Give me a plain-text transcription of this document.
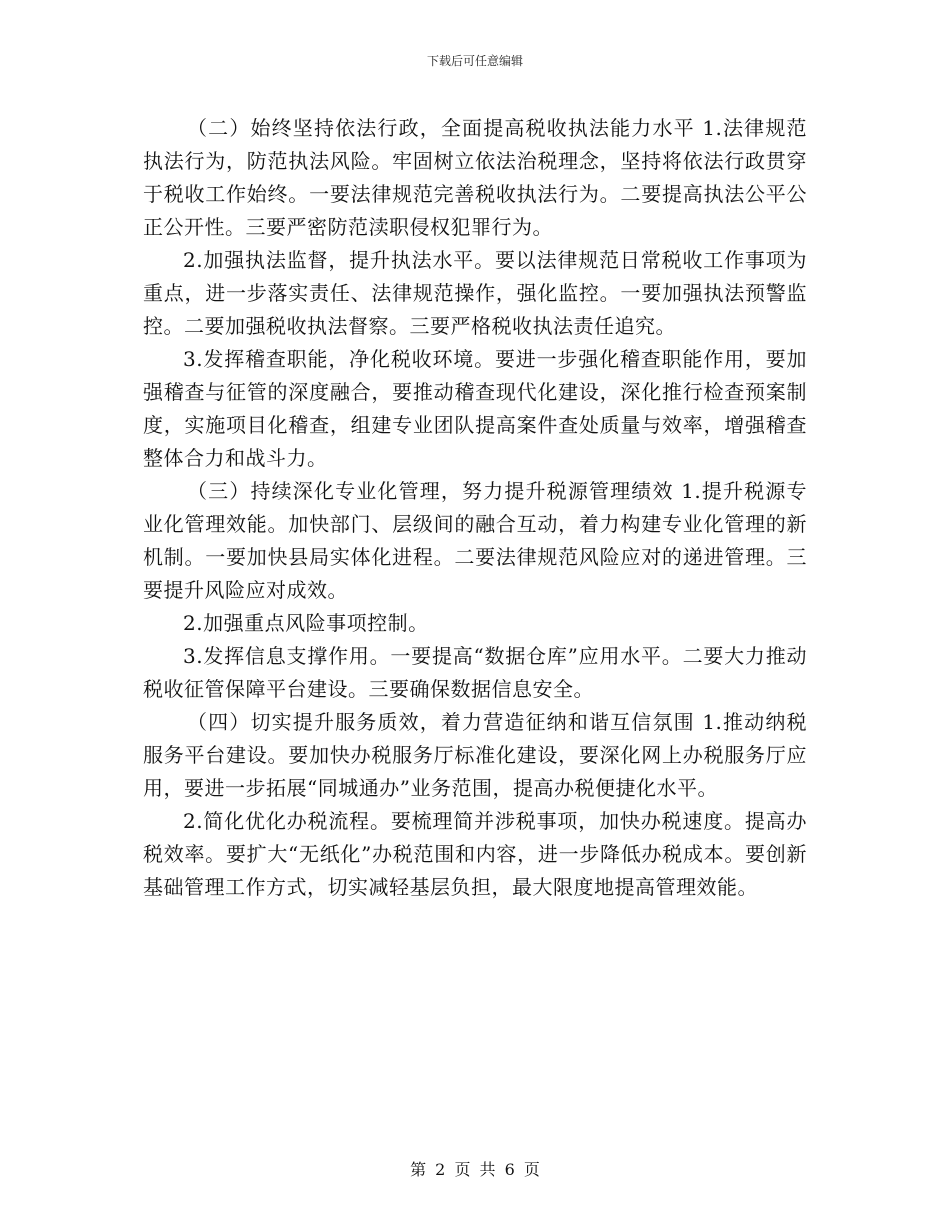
下载后可任意编辑

（二）始终坚持依法行政，全面提高税收执法能力水平 1.法律规范执法行为，防范执法风险。牢固树立依法治税理念，坚持将依法行政贯穿于税收工作始终。一要法律规范完善税收执法行为。二要提高执法公平公正公开性。三要严密防范渎职侵权犯罪行为。

2.加强执法监督，提升执法水平。要以法律规范日常税收工作事项为重点，进一步落实责任、法律规范操作，强化监控。一要加强执法预警监控。二要加强税收执法督察。三要严格税收执法责任追究。

3.发挥稽查职能，净化税收环境。要进一步强化稽查职能作用，要加强稽查与征管的深度融合，要推动稽查现代化建设，深化推行检查预案制度，实施项目化稽查，组建专业团队提高案件查处质量与效率，增强稽查整体合力和战斗力。

（三）持续深化专业化管理，努力提升税源管理绩效 1.提升税源专业化管理效能。加快部门、层级间的融合互动，着力构建专业化管理的新机制。一要加快县局实体化进程。二要法律规范风险应对的递进管理。三要提升风险应对成效。

2.加强重点风险事项控制。

3.发挥信息支撑作用。一要提高“数据仓库”应用水平。二要大力推动税收征管保障平台建设。三要确保数据信息安全。

（四）切实提升服务质效，着力营造征纳和谐互信氛围 1.推动纳税服务平台建设。要加快办税服务厅标准化建设，要深化网上办税服务厅应用，要进一步拓展“同城通办”业务范围，提高办税便捷化水平。

2.简化优化办税流程。要梳理简并涉税事项，加快办税速度。提高办税效率。要扩大“无纸化”办税范围和内容，进一步降低办税成本。要创新基础管理工作方式，切实减轻基层负担，最大限度地提高管理效能。

第 2 页 共 6 页
